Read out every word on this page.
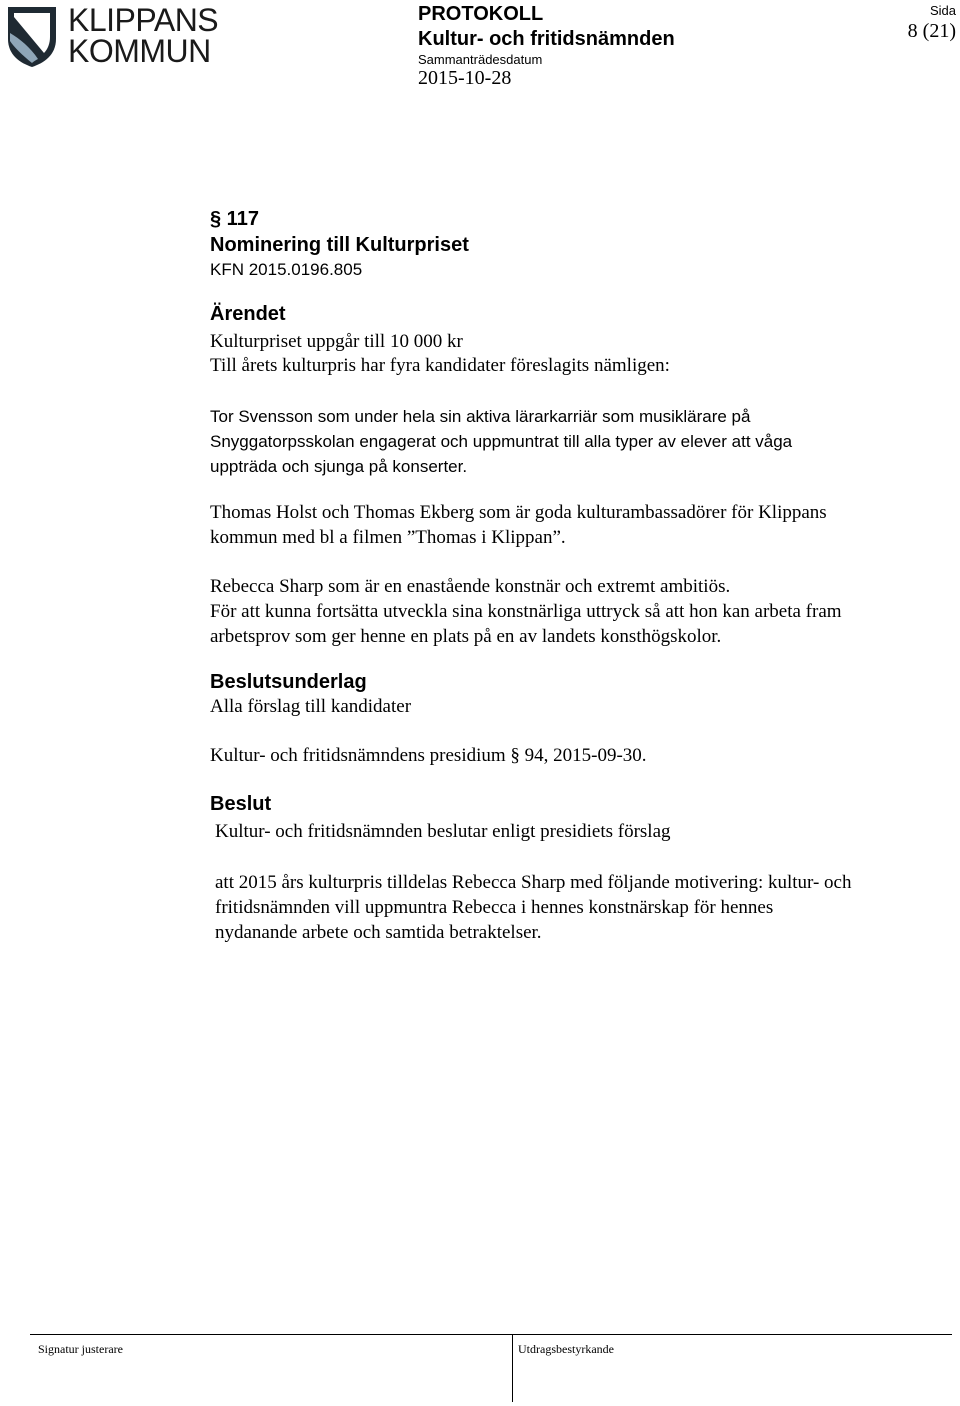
KLIPPANS
KOMMUN
PROTOKOLL
Kultur- och fritidsnämnden
Sammanträdesdatum
2015-10-28
Sida
8 (21)
§ 117
Nominering till Kulturpriset
KFN 2015.0196.805
Ärendet
Kulturpriset uppgår till 10 000 kr
Till årets kulturpris har fyra kandidater föreslagits nämligen:
Tor Svensson som under hela sin aktiva lärarkarriär som musiklärare på
Snyggatorpsskolan engagerat och uppmuntrat till alla typer av elever att våga
uppträda och sjunga på konserter.
Thomas Holst och Thomas Ekberg som är goda kulturambassadörer för Klippans
kommun med bl a filmen ”Thomas i Klippan”.
Rebecca Sharp som är en enastående konstnär och extremt ambitiös.
För att kunna fortsätta utveckla sina konstnärliga uttryck så att hon kan arbeta fram
arbetsprov som ger henne en plats på en av landets konsthögskolor.
Beslutsunderlag
Alla förslag till kandidater
Kultur- och fritidsnämndens presidium § 94, 2015-09-30.
Beslut
Kultur- och fritidsnämnden beslutar enligt presidiets förslag
att 2015 års kulturpris tilldelas Rebecca Sharp med följande motivering: kultur- och
fritidsnämnden vill uppmuntra Rebecca i hennes konstnärskap för hennes
nydanande arbete och samtida betraktelser.
Signatur justerare	Utdragsbestyrkande
